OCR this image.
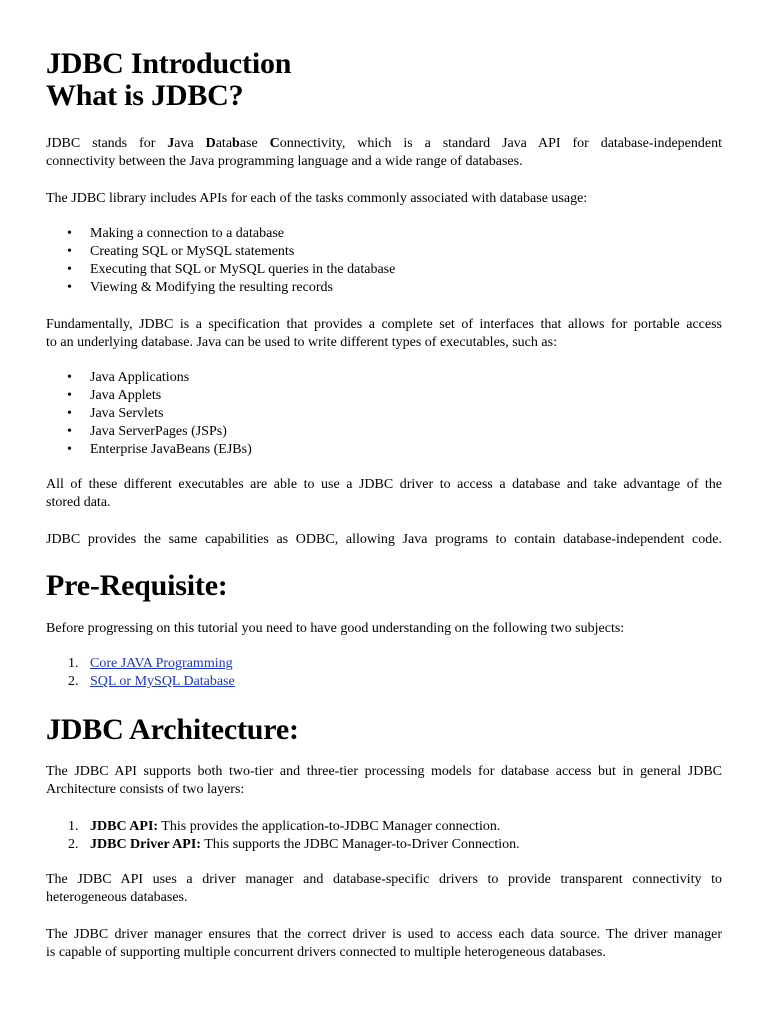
JDBC Introduction
What is JDBC?

JDBC stands for Java Database Connectivity, which is a standard Java API for database-independent
connectivity between the Java programming language and a wide range of databases.

The JDBC library includes APIs for each of the tasks commonly associated with database usage:

• Making a connection to a database
• Creating SQL or MySQL statements
• Executing that SQL or MySQL queries in the database
• Viewing & Modifying the resulting records

Fundamentally, JDBC is a specification that provides a complete set of interfaces that allows for portable access
to an underlying database. Java can be used to write different types of executables, such as:

• Java Applications
• Java Applets
• Java Servlets
• Java ServerPages (JSPs)
• Enterprise JavaBeans (EJBs)

All of these different executables are able to use a JDBC driver to access a database and take advantage of the
stored data.

JDBC provides the same capabilities as ODBC, allowing Java programs to contain database-independent code.

Pre-Requisite:

Before progressing on this tutorial you need to have good understanding on the following two subjects:

1. Core JAVA Programming
2. SQL or MySQL Database
JDBC Architecture:

The JDBC API supports both two-tier and three-tier processing models for database access but in general JDBC
Architecture consists of two layers:

1. JDBC API: This provides the application-to-JDBC Manager connection.
2. JDBC Driver API: This supports the JDBC Manager-to-Driver Connection.

The JDBC API uses a driver manager and database-specific drivers to provide transparent connectivity to
heterogeneous databases.

The JDBC driver manager ensures that the correct driver is used to access each data source. The driver manager
is capable of supporting multiple concurrent drivers connected to multiple heterogeneous databases.
